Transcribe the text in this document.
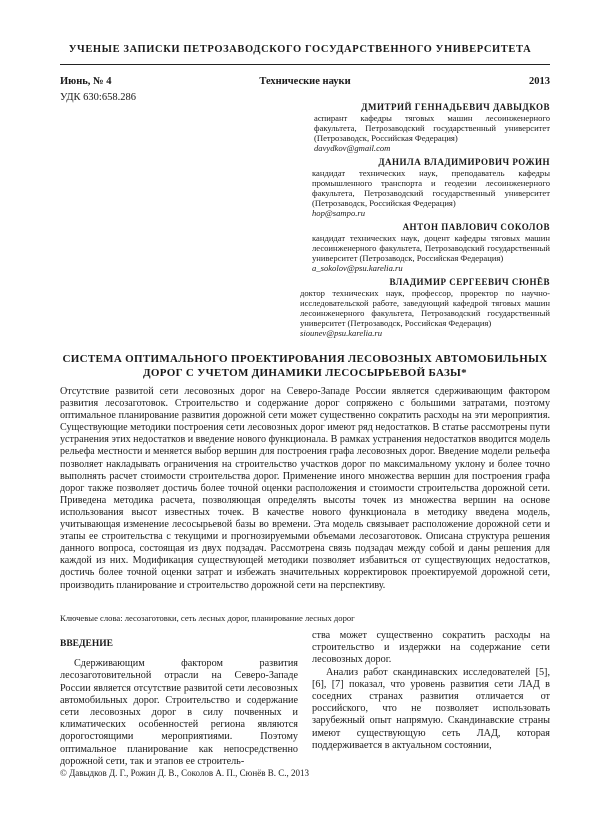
УЧЕНЫЕ ЗАПИСКИ ПЕТРОЗАВОДСКОГО ГОСУДАРСТВЕННОГО УНИВЕРСИТЕТА
Технические науки
Июнь, № 4	2013
УДК 630:658.286
ДМИТРИЙ ГЕННАДЬЕВИЧ ДАВЫДКОВ
аспирант кафедры тяговых машин лесоинженерного факультета, Петрозаводский государственный университет (Петрозаводск, Российская Федерация)
davydkov@gmail.com
ДАНИЛА ВЛАДИМИРОВИЧ РОЖИН
кандидат технических наук, преподаватель кафедры промышленного транспорта и геодезии лесоинженерного факультета, Петрозаводский государственный университет (Петрозаводск, Российская Федерация)
hop@sampo.ru
АНТОН ПАВЛОВИЧ СОКОЛОВ
кандидат технических наук, доцент кафедры тяговых машин лесоинженерного факультета, Петрозаводский государственный университет (Петрозаводск, Российская Федерация)
a_sokolov@psu.karelia.ru
ВЛАДИМИР СЕРГЕЕВИЧ СЮНЁВ
доктор технических наук, профессор, проректор по научно-исследовательской работе, заведующий кафедрой тяговых машин лесоинженерного факультета, Петрозаводский государственный университет (Петрозаводск, Российская Федерация)
siounev@psu.karelia.ru
СИСТЕМА ОПТИМАЛЬНОГО ПРОЕКТИРОВАНИЯ ЛЕСОВОЗНЫХ АВТОМОБИЛЬНЫХ ДОРОГ С УЧЕТОМ ДИНАМИКИ ЛЕСОСЫРЬЕВОЙ БАЗЫ*

Отсутствие развитой сети лесовозных дорог на Северо-Западе России является сдерживающим фактором развития лесозаготовок. Строительство и содержание дорог сопряжено с большими затратами, поэтому оптимальное планирование развития дорожной сети может существенно сократить расходы на эти мероприятия. Существующие методики построения сети лесовозных дорог имеют ряд недостатков. В статье рассмотрены пути устранения этих недостатков и введение нового функционала. В рамках устранения недостатков вводится модель рельефа местности и меняется выбор вершин для построения графа лесовозных дорог. Введение модели рельефа позволяет накладывать ограничения на строительство участков дорог по максимальному уклону и более точно выполнять расчет стоимости строительства дорог. Применение иного множества вершин для построения графа дорог также позволяет достичь более точной оценки расположения и стоимости строительства дорожной сети. Приведена методика расчета, позволяющая определять высоты точек из множества вершин на основе использования высот известных точек. В качестве нового функционала в методику введена модель, учитывающая изменение лесосырьевой базы во времени. Эта модель связывает расположение дорожной сети и этапы ее строительства с текущими и прогнозируемыми объемами лесозаготовок. Описана структура решения данного вопроса, состоящая из двух подзадач. Рассмотрена связь подзадач между собой и даны решения для каждой из них. Модификация существующей методики позволяет избавиться от существующих недостатков, достичь более точной оценки затрат и избежать значительных корректировок проектируемой дорожной сети, производить планирование и строительство дорожной сети на перспективу.

Ключевые слова: лесозаготовки, сеть лесных дорог, планирование лесных дорог
ВВЕДЕНИЕ

Сдерживающим фактором развития лесозаготовительной отрасли на Северо-Западе России является отсутствие развитой сети лесовозных автомобильных дорог. Строительство и содержание сети лесовозных дорог в силу почвенных и климатических особенностей региона являются дорогостоящими мероприятиями. Поэтому оптимальное планирование как непосредственно дорожной сети, так и этапов ее строитель-

ства может существенно сократить расходы на строительство и издержки на содержание сети лесовозных дорог.

Анализ работ скандинавских исследователей [5], [6], [7] показал, что уровень развития сети ЛАД в соседних странах развития отличается от российского, что не позволяет использовать зарубежный опыт напрямую. Скандинавские страны имеют существующую сеть ЛАД, которая поддерживается в актуальном состоянии,

© Давыдков Д. Г., Рожин Д. В., Соколов А. П., Сюнёв В. С., 2013
